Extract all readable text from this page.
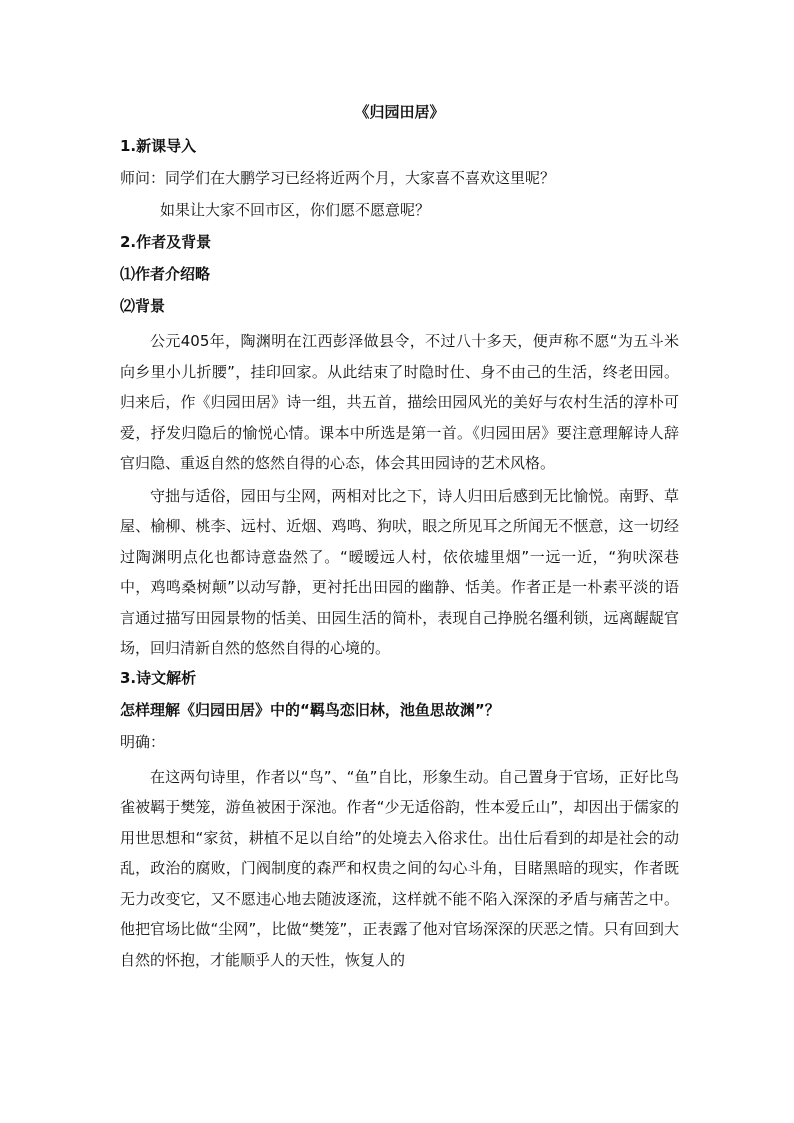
《归园田居》
1.新课导入
师问：同学们在大鹏学习已经将近两个月，大家喜不喜欢这里呢？
如果让大家不回市区，你们愿不愿意呢？
2.作者及背景
⑴作者介绍略
⑵背景

公元405年，陶渊明在江西彭泽做县令，不过八十多天，便声称不愿“为五斗米向乡里小儿折腰”，挂印回家。从此结束了时隐时仕、身不由己的生活，终老田园。归来后，作《归园田居》诗一组，共五首，描绘田园风光的美好与农村生活的淳朴可爱，抒发归隐后的愉悦心情。课本中所选是第一首。《归园田居》要注意理解诗人辞官归隐、重返自然的悠然自得的心态，体会其田园诗的艺术风格。

守拙与适俗，园田与尘网，两相对比之下，诗人归田后感到无比愉悦。南野、草屋、榆柳、桃李、远村、近烟、鸡鸣、狗吠，眼之所见耳之所闻无不惬意，这一切经过陶渊明点化也都诗意盎然了。“暧暧远人村，依依墟里烟”一远一近，“狗吠深巷中，鸡鸣桑树颠”以动写静，更衬托出田园的幽静、恬美。作者正是一朴素平淡的语言通过描写田园景物的恬美、田园生活的简朴，表现自己挣脱名缰利锁，远离龌龊官场，回归清新自然的悠然自得的心境的。

3.诗文解析
怎样理解《归园田居》中的“羁鸟恋旧林，池鱼思故渊”？
明确：

在这两句诗里，作者以“鸟”、“鱼”自比，形象生动。自己置身于官场，正好比鸟雀被羁于樊笼，游鱼被困于深池。作者“少无适俗韵，性本爱丘山”，却因出于儒家的用世思想和“家贫，耕植不足以自给”的处境去入俗求仕。出仕后看到的却是社会的动乱，政治的腐败，门阀制度的森严和权贵之间的勾心斗角，目睹黑暗的现实，作者既无力改变它，又不愿违心地去随波逐流，这样就不能不陷入深深的矛盾与痛苦之中。他把官场比做“尘网”，比做“樊笼”，正表露了他对官场深深的厌恶之情。只有回到大自然的怀抱，才能顺乎人的天性，恢复人的
